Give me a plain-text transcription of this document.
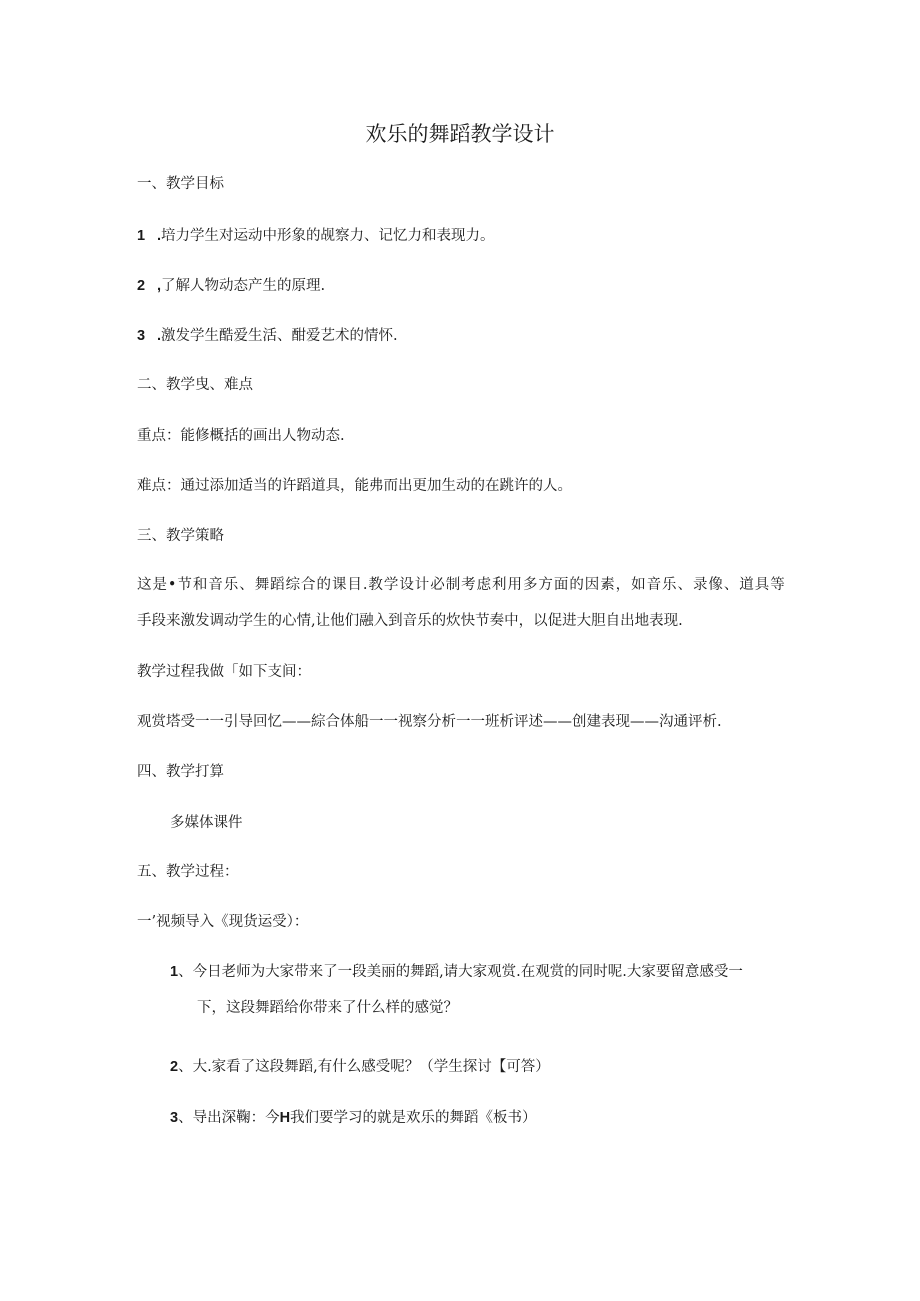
欢乐的舞蹈教学设计
一、教学目标
1 .培力学生对运动中形象的觇察力、记忆力和表现力。
2 ,了解人物动态产生的原理.
3 .激发学生酷爱生活、酣爱艺术的情怀.
二、教学曳、难点
重点：能修概括的画出人物动态.
难点：通过添加适当的许蹈道具，能弗而出更加生动的在跳许的人。
三、教学策略
这 是 • 节 和 音 乐 、 舞 蹈 综 合 的 课 目 . 教 学 设 计 必 制 考 虑 利 用 多 方 面 的 因 素 ， 如 音 乐 、 录 像 、 道 具 等
手段来激发调动学生的心情,让他们融入到音乐的炊快节奏中，以促进大胆自出地表现.
教学过程我做「如下支间：
观赏塔受一一引导回忆——綜合体船一一视察分析一一班析评述——创建表现——沟通评析.
四、教学打算
多媒体课件
五、教学过程：
一’视频导入《现货运受）：
1、今日老师为大家带来了一段美丽的舞蹈,请大家观赏.在观赏的同时呢.大家要留意感受一
下，这段舞蹈给你带来了什么样的感觉？
2、大.家看了这段舞蹈,有什么感受呢？（学生探讨【可答）
3、导出深鞠：今H我们要学习的就是欢乐的舞蹈《板书）
